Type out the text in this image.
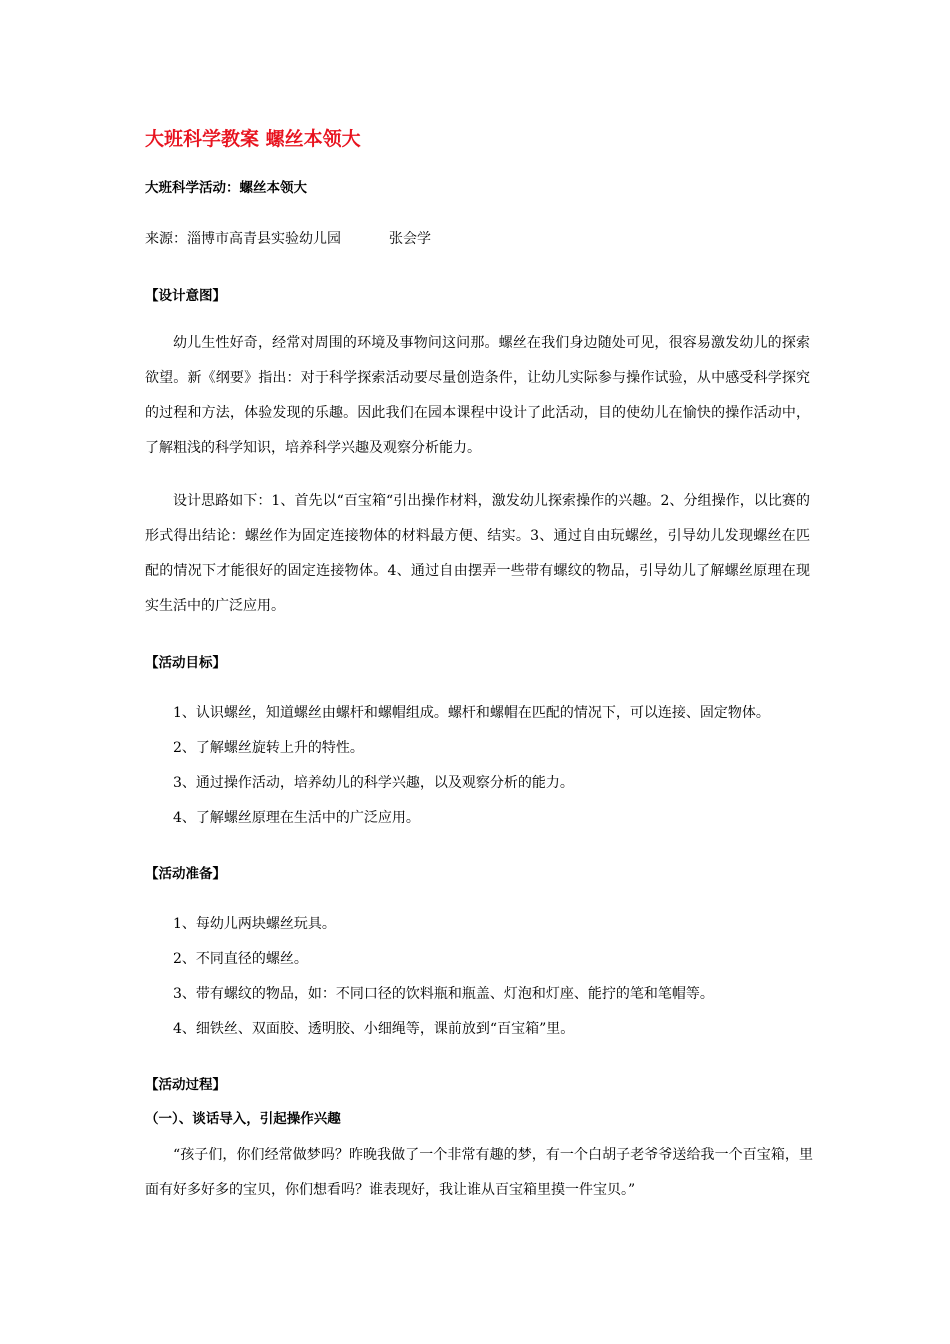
大班科学教案 螺丝本领大
大班科学活动：螺丝本领大
来源：淄博市高青县实验幼儿园	张会学
【设计意图】
幼儿生性好奇，经常对周围的环境及事物问这问那。螺丝在我们身边随处可见，很容易激发幼儿的探索欲望。新《纲要》指出：对于科学探索活动要尽量创造条件，让幼儿实际参与操作试验，从中感受科学探究的过程和方法，体验发现的乐趣。因此我们在园本课程中设计了此活动，目的使幼儿在愉快的操作活动中，了解粗浅的科学知识，培养科学兴趣及观察分析能力。
设计思路如下：1、首先以“百宝箱“引出操作材料，激发幼儿探索操作的兴趣。2、分组操作，以比赛的形式得出结论：螺丝作为固定连接物体的材料最方便、结实。3、通过自由玩螺丝，引导幼儿发现螺丝在匹配的情况下才能很好的固定连接物体。4、通过自由摆弄一些带有螺纹的物品，引导幼儿了解螺丝原理在现实生活中的广泛应用。
【活动目标】
1、认识螺丝，知道螺丝由螺杆和螺帽组成。螺杆和螺帽在匹配的情况下，可以连接、固定物体。
2、了解螺丝旋转上升的特性。
3、通过操作活动，培养幼儿的科学兴趣，以及观察分析的能力。
4、了解螺丝原理在生活中的广泛应用。
【活动准备】
1、每幼儿两块螺丝玩具。
2、不同直径的螺丝。
3、带有螺纹的物品，如：不同口径的饮料瓶和瓶盖、灯泡和灯座、能拧的笔和笔帽等。
4、细铁丝、双面胶、透明胶、小细绳等，课前放到“百宝箱”里。
【活动过程】
（一）、谈话导入，引起操作兴趣
“孩子们，你们经常做梦吗？昨晚我做了一个非常有趣的梦，有一个白胡子老爷爷送给我一个百宝箱，里面有好多好多的宝贝，你们想看吗？谁表现好，我让谁从百宝箱里摸一件宝贝。”
